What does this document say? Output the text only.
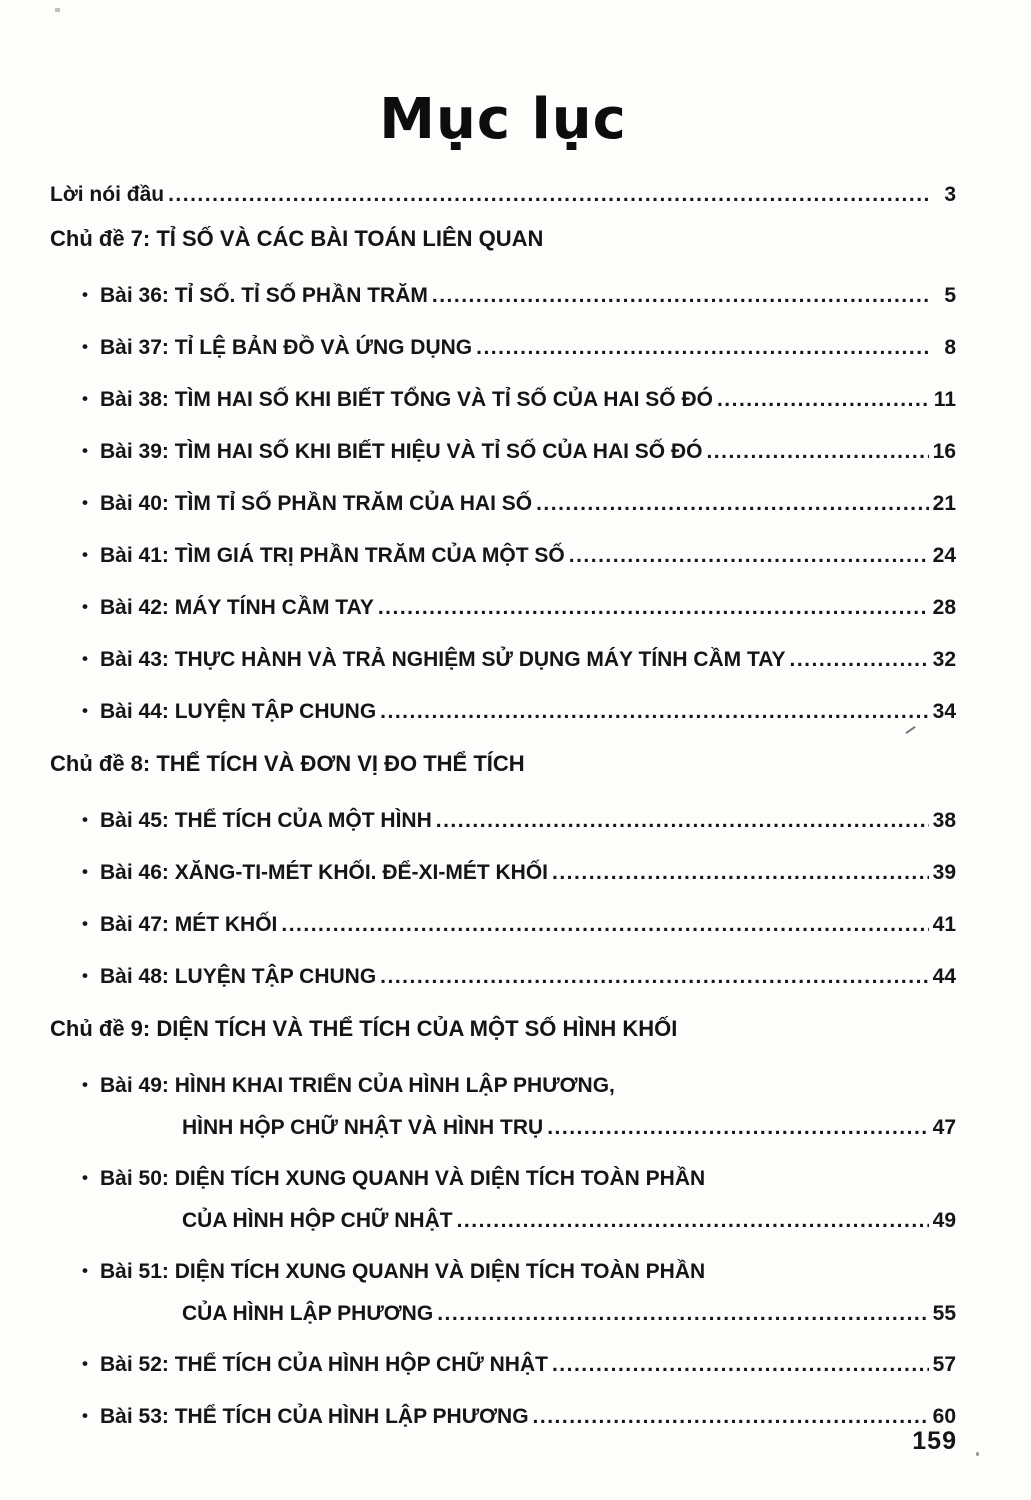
Mục lục
Lời nói đầu .....	3
Chủ đề 7: TỈ SỐ VÀ CÁC BÀI TOÁN LIÊN QUAN
• Bài 36: TỈ SỐ. TỈ SỐ PHẦN TRĂM .....	5
• Bài 37: TỈ LỆ BẢN ĐỒ VÀ ỨNG DỤNG .....	8
• Bài 38: TÌM HAI SỐ KHI BIẾT TỔNG VÀ TỈ SỐ CỦA HAI SỐ ĐÓ .....	11
• Bài 39: TÌM HAI SỐ KHI BIẾT HIỆU VÀ TỈ SỐ CỦA HAI SỐ ĐÓ .....	16
• Bài 40: TÌM TỈ SỐ PHẦN TRĂM CỦA HAI SỐ .....	21
• Bài 41: TÌM GIÁ TRỊ PHẦN TRĂM CỦA MỘT SỐ .....	24
• Bài 42: MÁY TÍNH CẦM TAY .....	28
• Bài 43: THỰC HÀNH VÀ TRẢ NGHIỆM SỬ DỤNG MÁY TÍNH CẦM TAY .....	32
• Bài 44: LUYỆN TẬP CHUNG .....	34
Chủ đề 8: THỂ TÍCH VÀ ĐƠN VỊ ĐO THỂ TÍCH
• Bài 45: THỂ TÍCH CỦA MỘT HÌNH .....	38
• Bài 46: XĂNG-TI-MÉT KHỐI. ĐỂ-XI-MÉT KHỐI .....	39
• Bài 47: MÉT KHỐI .....	41
• Bài 48: LUYỆN TẬP CHUNG .....	44
Chủ đề 9: DIỆN TÍCH VÀ THỂ TÍCH CỦA MỘT SỐ HÌNH KHỐI
• Bài 49: HÌNH KHAI TRIỂN CỦA HÌNH LẬP PHƯƠNG,
HÌNH HỘP CHỮ NHẬT VÀ HÌNH TRỤ .....	47
• Bài 50: DIỆN TÍCH XUNG QUANH VÀ DIỆN TÍCH TOÀN PHẦN
CỦA HÌNH HỘP CHỮ NHẬT .....	49
• Bài 51: DIỆN TÍCH XUNG QUANH VÀ DIỆN TÍCH TOÀN PHẦN
CỦA HÌNH LẬP PHƯƠNG .....	55
• Bài 52: THỂ TÍCH CỦA HÌNH HỘP CHỮ NHẬT .....	57
• Bài 53: THỂ TÍCH CỦA HÌNH LẬP PHƯƠNG .....	60
159
